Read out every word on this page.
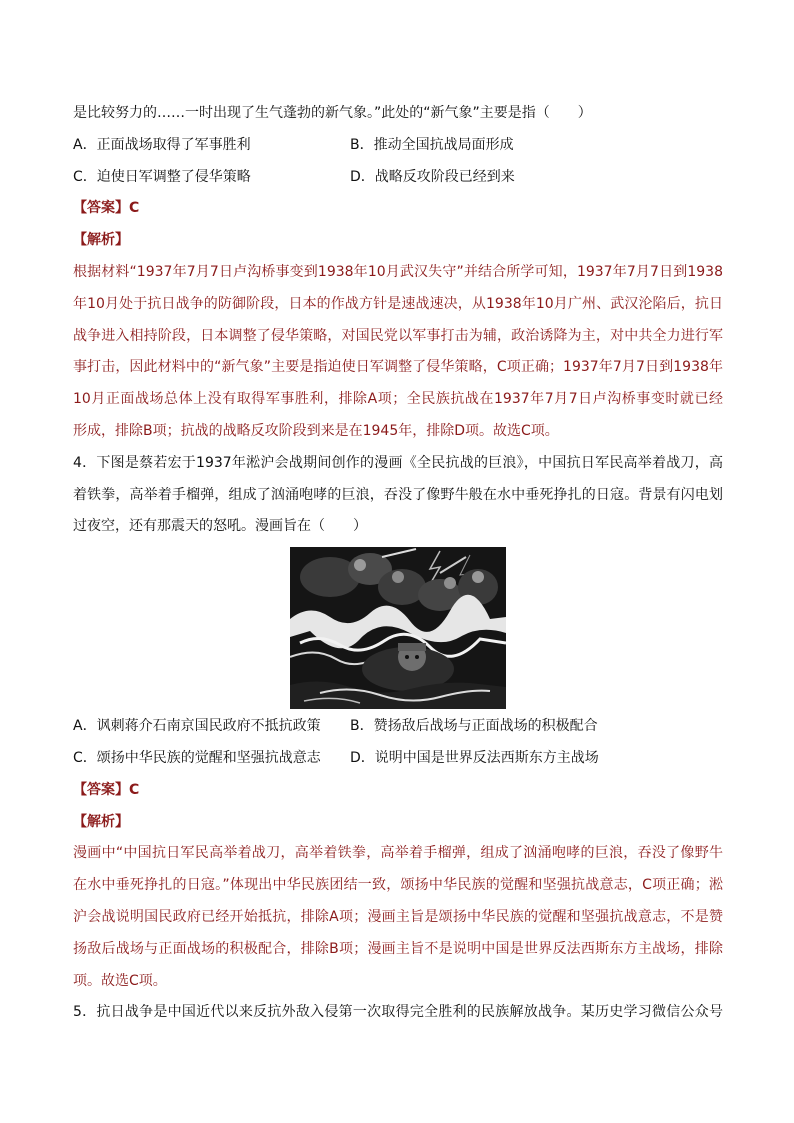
是比较努力的……一时出现了生气蓬勃的新气象。”此处的“新气象”主要是指（　　）
A．正面战场取得了军事胜利	B．推动全国抗战局面形成
C．迫使日军调整了侵华策略	D．战略反攻阶段已经到来
【答案】C
【解析】
根据材料“1937年7月7日卢沟桥事变到1938年10月武汉失守”并结合所学可知，1937年7月7日到1938
年10月处于抗日战争的防御阶段，日本的作战方针是速战速决，从1938年10月广州、武汉沦陷后，抗日
战争进入相持阶段，日本调整了侵华策略，对国民党以军事打击为辅，政治诱降为主，对中共全力进行军
事打击，因此材料中的“新气象”主要是指迫使日军调整了侵华策略，C项正确；1937年7月7日到1938年
10月正面战场总体上没有取得军事胜利，排除A项；全民族抗战在1937年7月7日卢沟桥事变时就已经
形成，排除B项；抗战的战略反攻阶段到来是在1945年，排除D项。故选C项。
4．下图是蔡若宏于1937年淞沪会战期间创作的漫画《全民抗战的巨浪》，中国抗日军民高举着战刀，高
着铁拳，高举着手榴弹，组成了汹涌咆哮的巨浪，吞没了像野牛般在水中垂死挣扎的日寇。背景有闪电划
过夜空，还有那震天的怒吼。漫画旨在（　　）
A．讽刺蒋介石南京国民政府不抵抗政策	B．赞扬敌后战场与正面战场的积极配合
C．颂扬中华民族的觉醒和坚强抗战意志	D．说明中国是世界反法西斯东方主战场
【答案】C
【解析】
漫画中“中国抗日军民高举着战刀，高举着铁拳，高举着手榴弹，组成了汹涌咆哮的巨浪，吞没了像野牛
在水中垂死挣扎的日寇。”体现出中华民族团结一致，颂扬中华民族的觉醒和坚强抗战意志，C项正确；淞
沪会战说明国民政府已经开始抵抗，排除A项；漫画主旨是颂扬中华民族的觉醒和坚强抗战意志，不是赞
扬敌后战场与正面战场的积极配合，排除B项；漫画主旨不是说明中国是世界反法西斯东方主战场，排除
项。故选C项。
5．抗日战争是中国近代以来反抗外敌入侵第一次取得完全胜利的民族解放战争。某历史学习微信公众号
